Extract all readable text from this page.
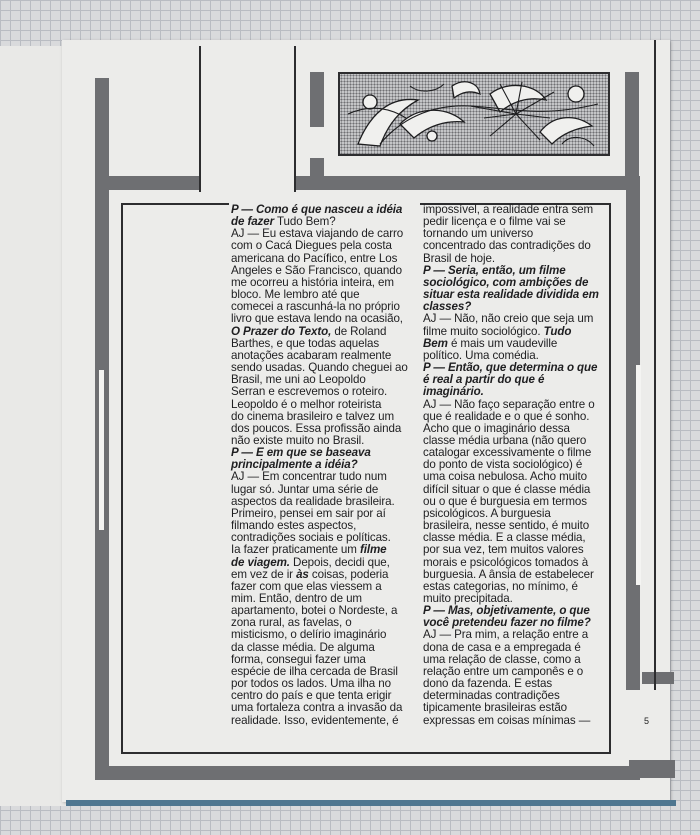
P — Como é que nasceu a idéia

de fazer Tudo Bem?

AJ — Eu estava viajando de carro

com o Cacá Diegues pela costa

americana do Pacífico, entre Los

Angeles e São Francisco, quando

me ocorreu a história inteira, em

bloco. Me lembro até que

comecei a rascunhá-la no próprio

livro que estava lendo na ocasião,

O Prazer do Texto, de Roland

Barthes, e que todas aquelas

anotações acabaram realmente

sendo usadas. Quando cheguei ao

Brasil, me uni ao Leopoldo

Serran e escrevemos o roteiro.

Leopoldo é o melhor roteirista

do cinema brasileiro e talvez um

dos poucos. Essa profissão ainda

não existe muito no Brasil.

P — E em que se baseava

principalmente a idéia?

AJ — Em concentrar tudo num

lugar só. Juntar uma série de

aspectos da realidade brasileira.

Primeiro, pensei em sair por aí

filmando estes aspectos,

contradições sociais e políticas.

Ia fazer praticamente um filme

de viagem. Depois, decidi que,

em vez de ir às coisas, poderia

fazer com que elas viessem a

mim. Então, dentro de um

apartamento, botei o Nordeste, a

zona rural, as favelas, o

misticismo, o delírio imaginário

da classe média. De alguma

forma, consegui fazer uma

espécie de ilha cercada de Brasil

por todos os lados. Uma ilha no

centro do país e que tenta erigir

uma fortaleza contra a invasão da

realidade. Isso, evidentemente, é

impossível, a realidade entra sem

pedir licença e o filme vai se

tornando um universo

concentrado das contradições do

Brasil de hoje.

P — Seria, então, um filme

sociológico, com ambições de

situar esta realidade dividida em

classes?

AJ — Não, não creio que seja um

filme muito sociológico. Tudo

Bem é mais um vaudeville

político. Uma comédia.

P — Então, que determina o que

é real a partir do que é

imaginário.

AJ — Não faço separação entre o

que é realidade e o que é sonho.

Acho que o imaginário dessa

classe média urbana (não quero

catalogar excessivamente o filme

do ponto de vista sociológico) é

uma coisa nebulosa. Acho muito

difícil situar o que é classe média

ou o que é burguesia em termos

psicológicos. A burguesia

brasileira, nesse sentido, é muito

classe média. E a classe média,

por sua vez, tem muitos valores

morais e psicológicos tomados à

burguesia. A ânsia de estabelecer

estas categorias, no mínimo, é

muito precipitada.

P — Mas, objetivamente, o que

você pretendeu fazer no filme?

AJ — Pra mim, a relação entre a

dona de casa e a empregada é

uma relação de classe, como a

relação entre um camponês e o

dono da fazenda. E estas

determinadas contradições

tipicamente brasileiras estão

expressas em coisas mínimas —	5
